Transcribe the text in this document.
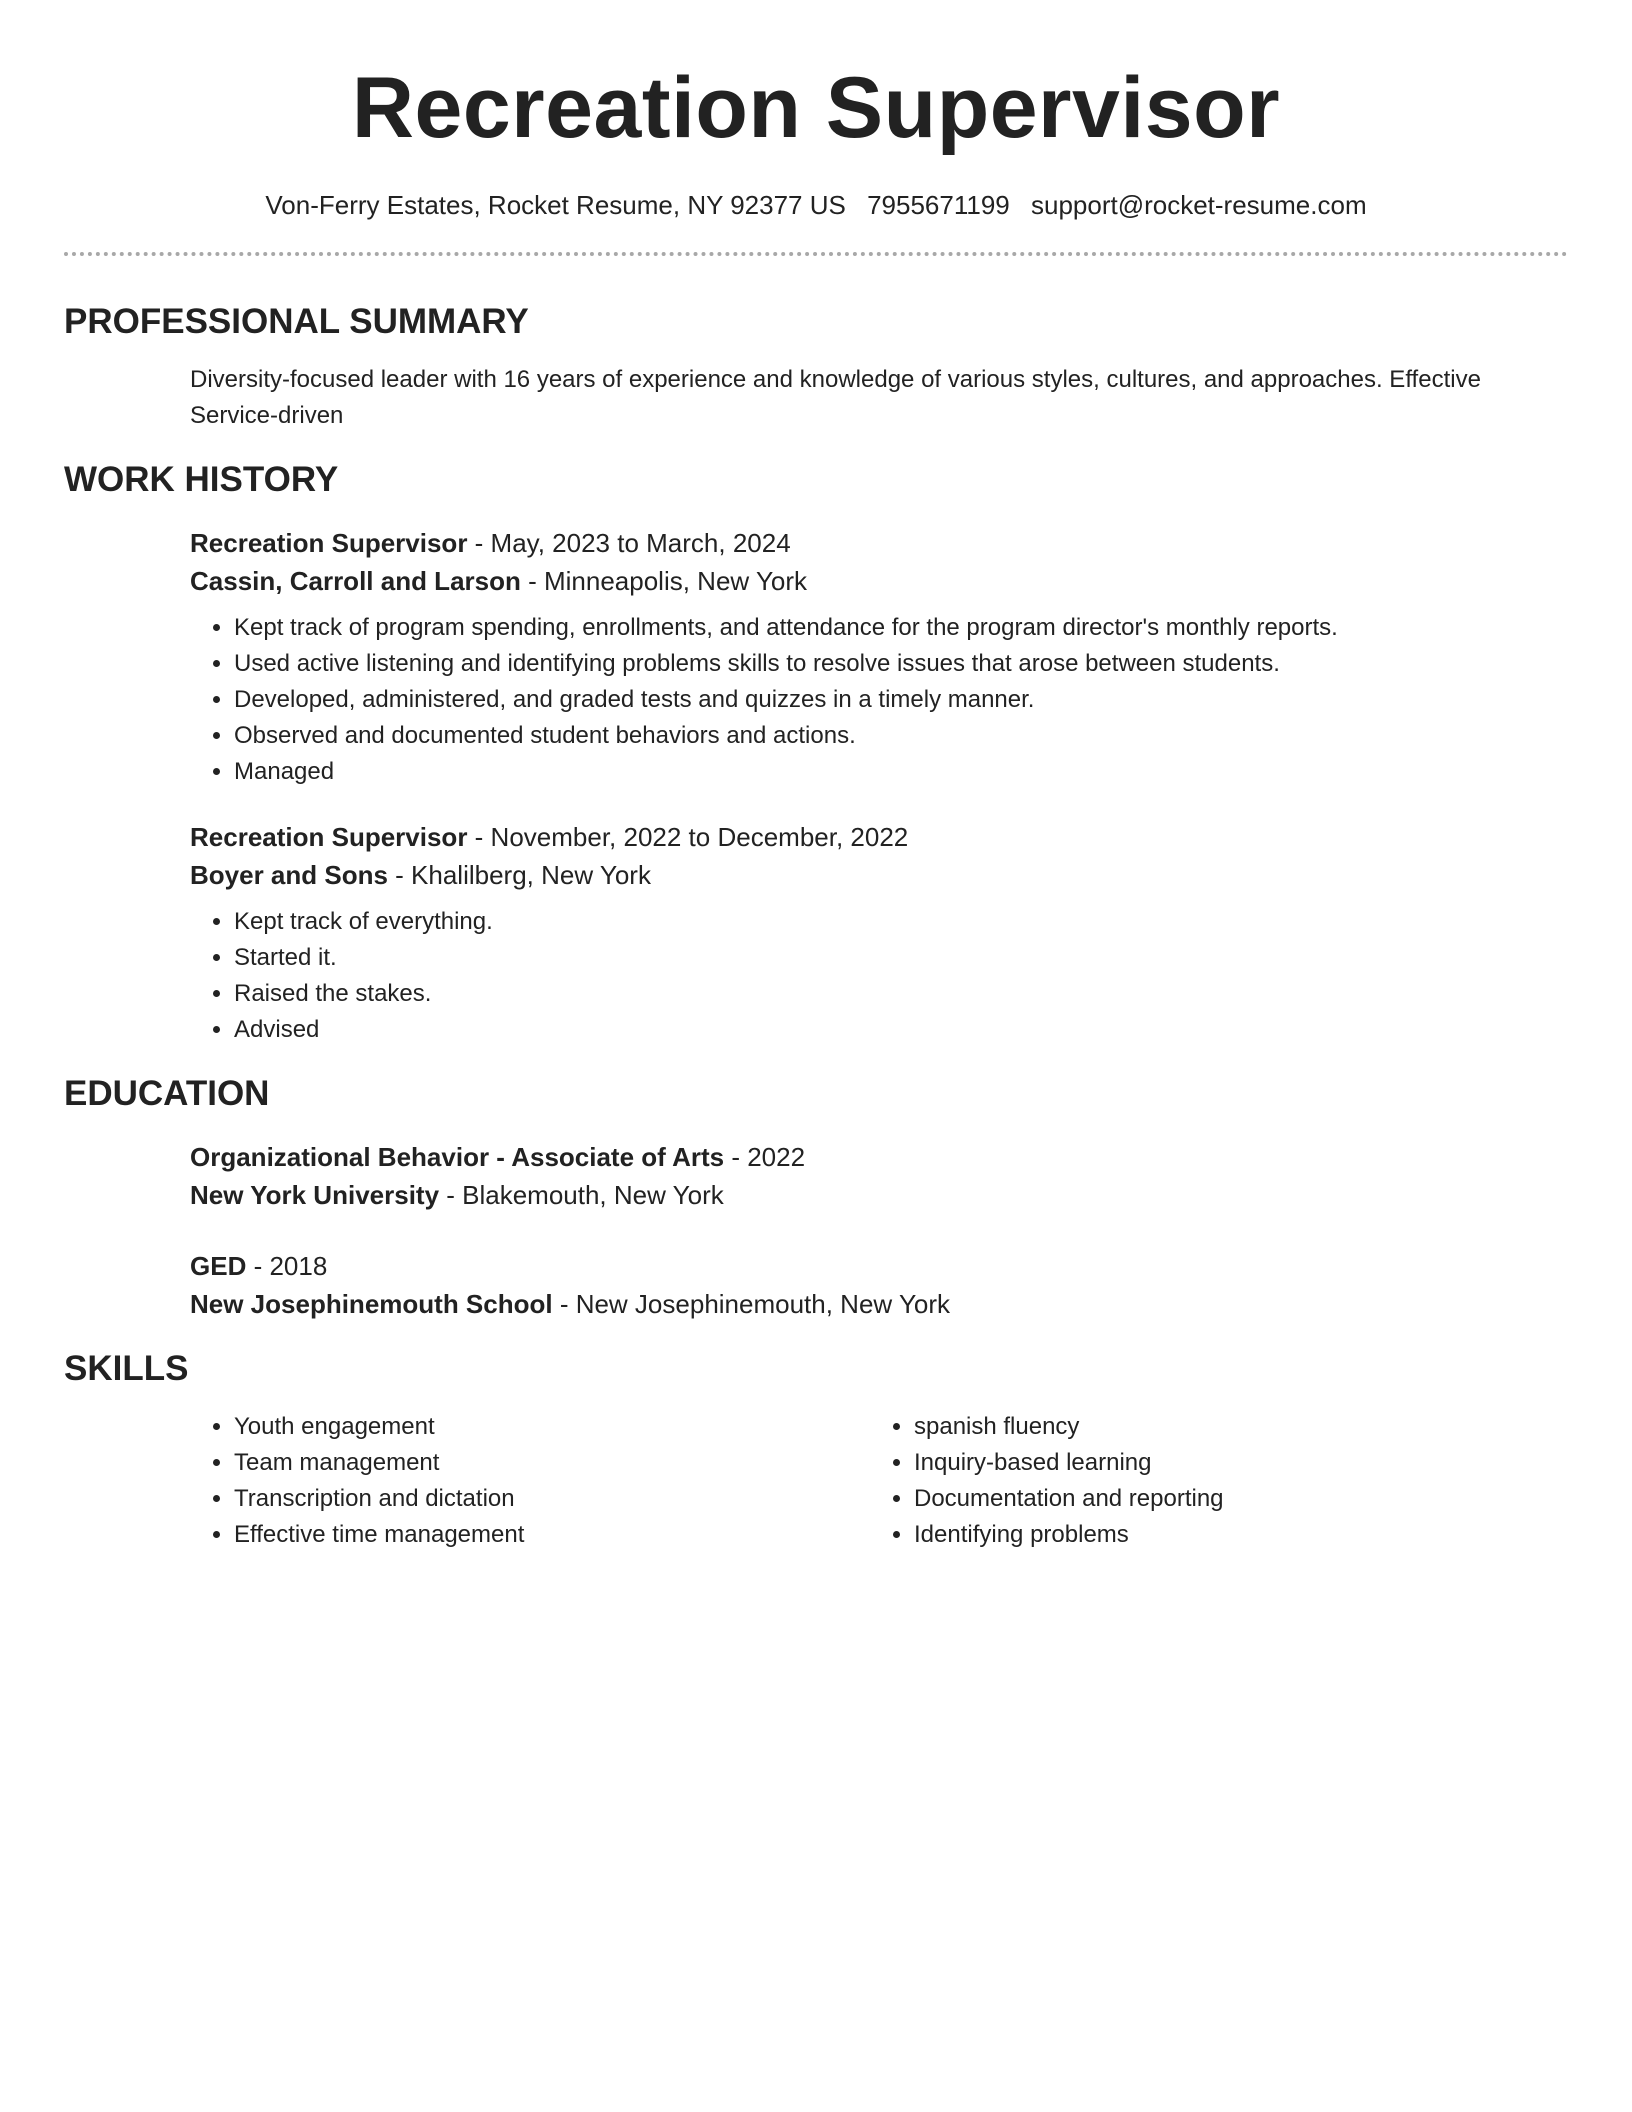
Recreation Supervisor
Von-Ferry Estates, Rocket Resume, NY 92377 US 7955671199 support@rocket-resume.com
PROFESSIONAL SUMMARY

Diversity-focused leader with 16 years of experience and knowledge of various styles, cultures, and approaches. Effective Service-driven

WORK HISTORY

Recreation Supervisor - May, 2023 to March, 2024

Cassin, Carroll and Larson - Minneapolis, New York

• Kept track of program spending, enrollments, and attendance for the program director's monthly reports.
• Used active listening and identifying problems skills to resolve issues that arose between students.
• Developed, administered, and graded tests and quizzes in a timely manner.
• Observed and documented student behaviors and actions.
• Managed

Recreation Supervisor - November, 2022 to December, 2022

Boyer and Sons - Khalilberg, New York

• Kept track of everything.
• Started it.
• Raised the stakes.
• Advised
EDUCATION

Organizational Behavior - Associate of Arts - 2022

New York University - Blakemouth, New York

GED - 2018

New Josephinemouth School - New Josephinemouth, New York

SKILLS
• Youth engagement
• Team management
• Transcription and dictation
• Effective time management
• spanish fluency
• Inquiry-based learning
• Documentation and reporting
• Identifying problems
